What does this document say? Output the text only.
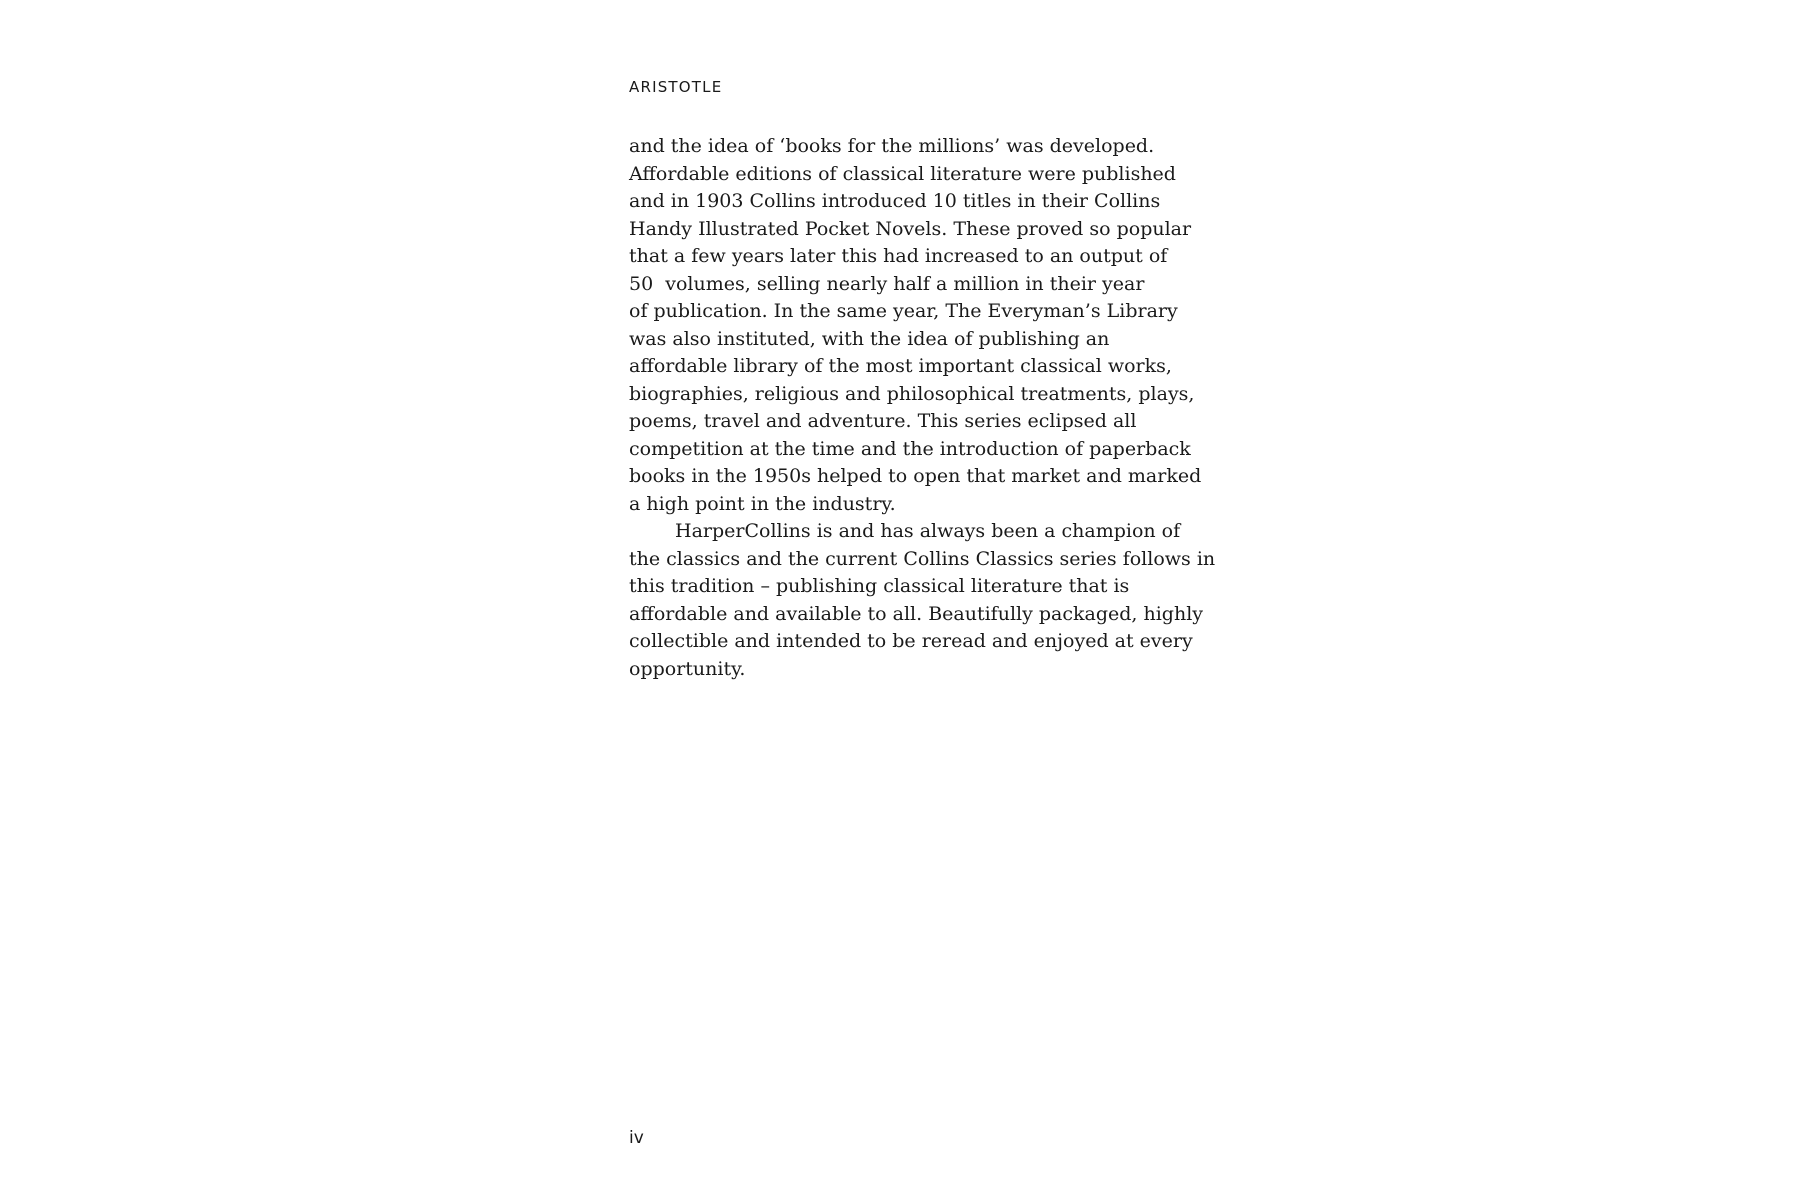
ARISTOTLE
and the idea of ‘books for the millions’ was developed.
Affordable editions of classical literature were published
and in 1903 Collins introduced 10 titles in their Collins
Handy Illustrated Pocket Novels. These proved so popular
that a few years later this had increased to an output of
50  volumes, selling nearly half a million in their year
of publication. In the same year, The Everyman’s Library
was also instituted, with the idea of publishing an
affordable library of the most important classical works,
biographies, religious and philosophical treatments, plays,
poems, travel and adventure. This series eclipsed all
competition at the time and the introduction of paperback
books in the 1950s helped to open that market and marked
a high point in the industry.
HarperCollins is and has always been a champion of
the classics and the current Collins Classics series follows in
this tradition – publishing classical literature that is
affordable and available to all. Beautifully packaged, highly
collectible and intended to be reread and enjoyed at every
opportunity.
iv
